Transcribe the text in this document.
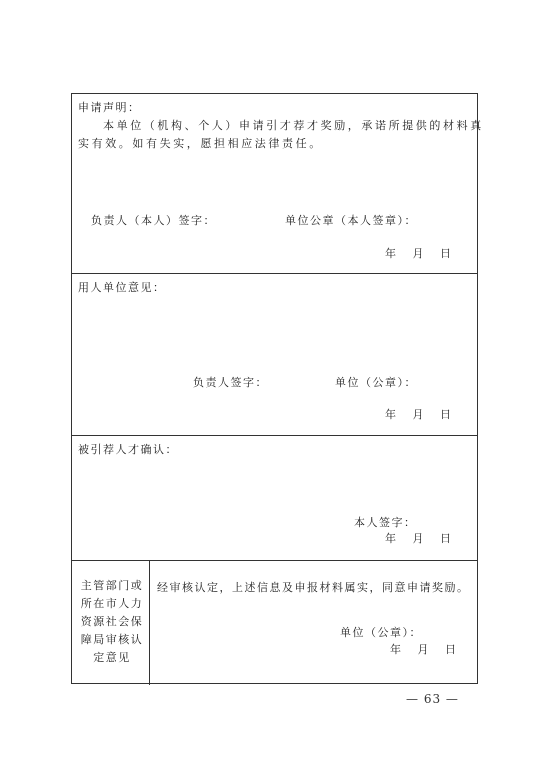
申请声明：
本单位（机构、个人）申请引才荐才奖励，承诺所提供的材料真
实有效。如有失实，愿担相应法律责任。
负责人（本人）签字：	单位公章（本人签章）：
年 月 日
用人单位意见：
负责人签字：	单位（公章）：
年 月 日
被引荐人才确认：
本人签字：
年 月 日
主管部门或所在市人力资源社会保障局审核认定意见
经审核认定，上述信息及申报材料属实，同意申请奖励。
单位（公章）：
年 月 日
— 63 —
